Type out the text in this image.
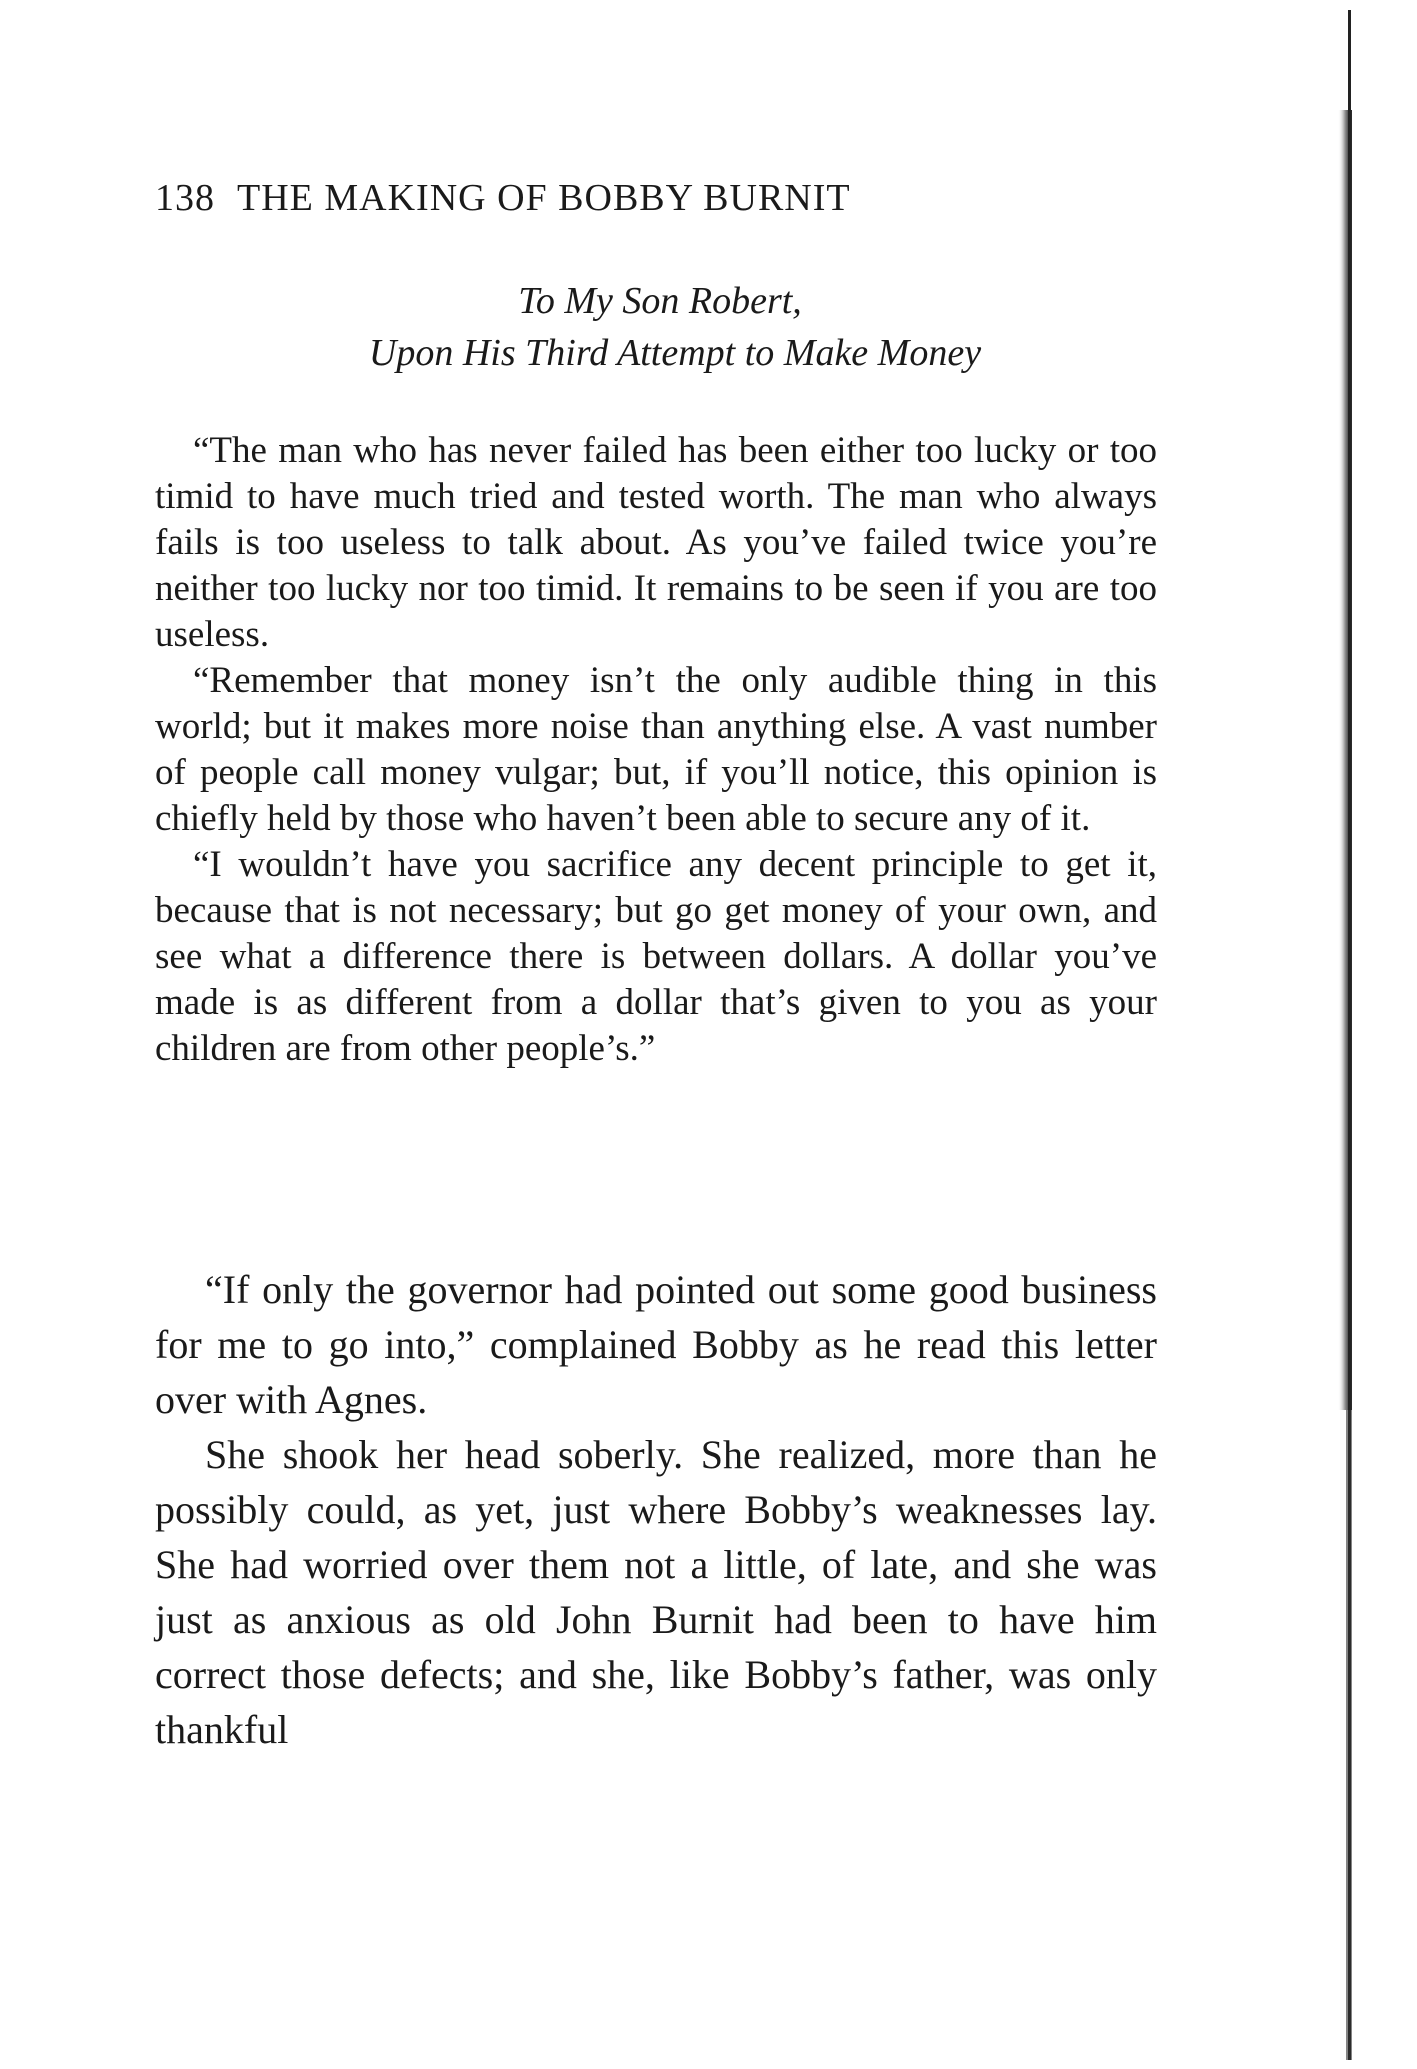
138 THE MAKING OF BOBBY BURNIT
To My Son Robert,
Upon His Third Attempt to Make Money

“The man who has never failed has been either too lucky or too timid to have much tried and tested worth. The man who always fails is too useless to talk about. As you’ve failed twice you’re neither too lucky nor too timid. It remains to be seen if you are too useless.

“Remember that money isn’t the only audible thing in this world; but it makes more noise than anything else. A vast number of people call money vulgar; but, if you’ll notice, this opinion is chiefly held by those who haven’t been able to secure any of it.

“I wouldn’t have you sacrifice any decent principle to get it, because that is not necessary; but go get money of your own, and see what a difference there is between dollars. A dollar you’ve made is as different from a dollar that’s given to you as your children are from other people’s.”

“If only the governor had pointed out some good business for me to go into,” complained Bobby as he read this letter over with Agnes.

She shook her head soberly. She realized, more than he possibly could, as yet, just where Bobby’s weaknesses lay. She had worried over them not a little, of late, and she was just as anxious as old John Burnit had been to have him correct those defects; and she, like Bobby’s father, was only thankful
